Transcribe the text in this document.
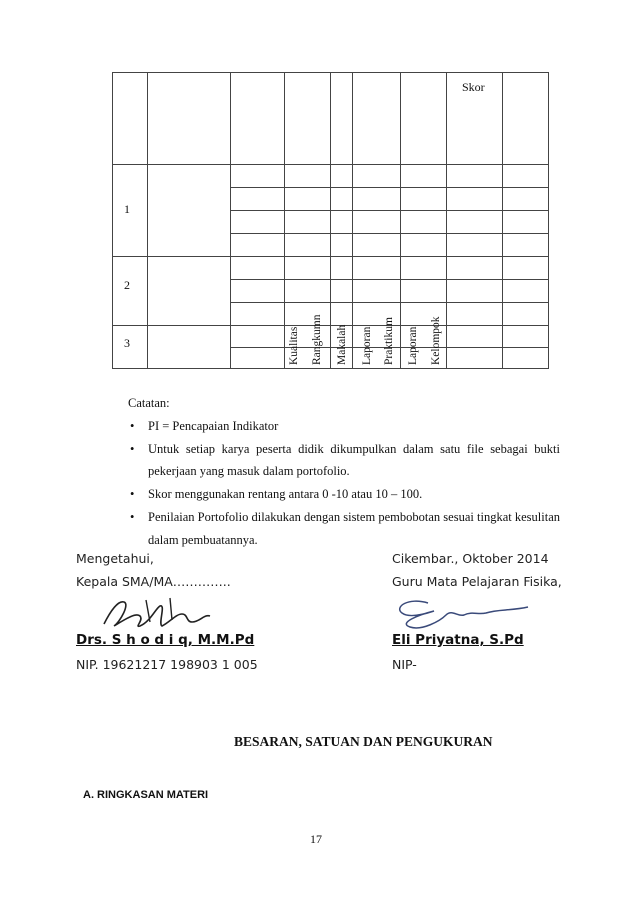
Kualitas Rangkumn Makalah Laporan Praktikum Laporan Kelompok
Skor
1
2
3

Catatan:

• PI = Pencapaian Indikator
• Untuk setiap karya peserta didik dikumpulkan dalam satu file sebagai bukti pekerjaan yang masuk dalam portofolio.
• Skor menggunakan rentang antara 0 -10 atau 10 – 100.
• Penilaian Portofolio dilakukan dengan sistem pembobotan sesuai tingkat kesulitan dalam pembuatannya.
Mengetahui,
Kepala SMA/MA…………..
Drs. S h o d i q, M.M.Pd
NIP. 19621217 198903 1 005
Cikembar., Oktober 2014
Guru Mata Pelajaran Fisika,
Eli Priyatna, S.Pd
NIP-
BESARAN, SATUAN DAN PENGUKURAN
A. RINGKASAN MATERI
17
